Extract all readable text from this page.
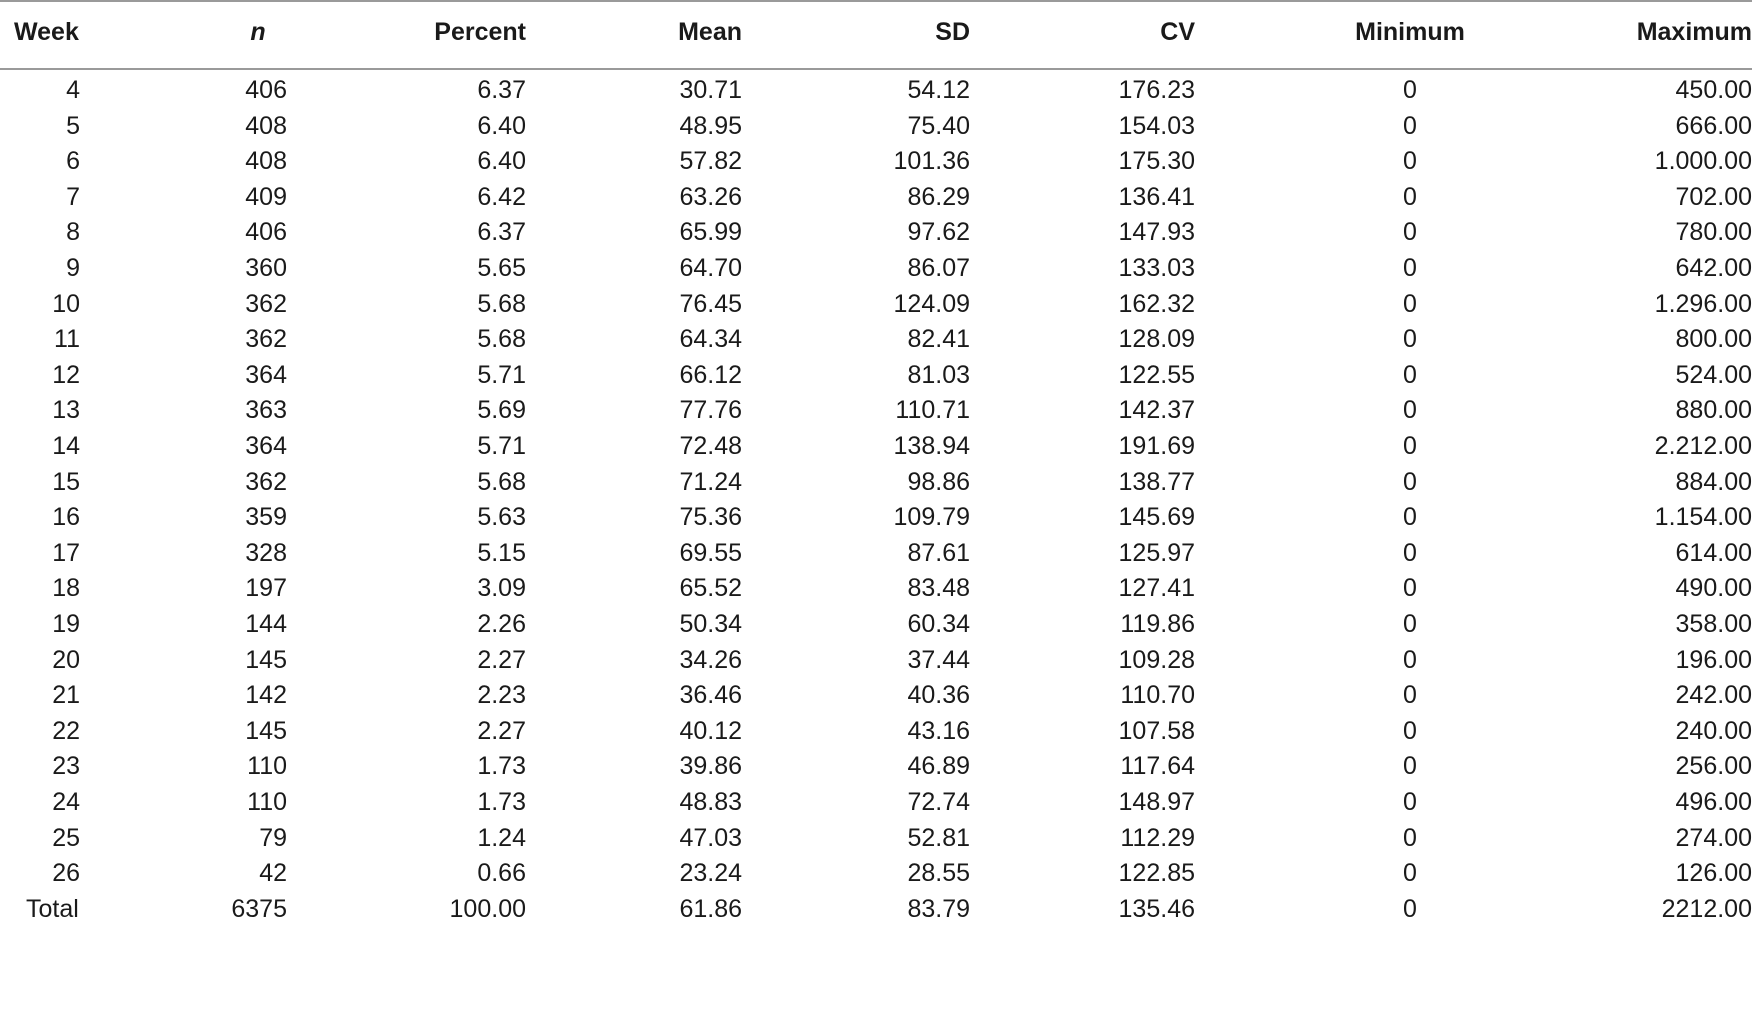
Week	n	Percent	Mean	SD	CV	Minimum	Maximum
4	406	6.37	30.71	54.12	176.23	0	450.00
5	408	6.40	48.95	75.40	154.03	0	666.00
6	408	6.40	57.82	101.36	175.30	0	1.000.00
7	409	6.42	63.26	86.29	136.41	0	702.00
8	406	6.37	65.99	97.62	147.93	0	780.00
9	360	5.65	64.70	86.07	133.03	0	642.00
10	362	5.68	76.45	124.09	162.32	0	1.296.00
11	362	5.68	64.34	82.41	128.09	0	800.00
12	364	5.71	66.12	81.03	122.55	0	524.00
13	363	5.69	77.76	110.71	142.37	0	880.00
14	364	5.71	72.48	138.94	191.69	0	2.212.00
15	362	5.68	71.24	98.86	138.77	0	884.00
16	359	5.63	75.36	109.79	145.69	0	1.154.00
17	328	5.15	69.55	87.61	125.97	0	614.00
18	197	3.09	65.52	83.48	127.41	0	490.00
19	144	2.26	50.34	60.34	119.86	0	358.00
20	145	2.27	34.26	37.44	109.28	0	196.00
21	142	2.23	36.46	40.36	110.70	0	242.00
22	145	2.27	40.12	43.16	107.58	0	240.00
23	110	1.73	39.86	46.89	117.64	0	256.00
24	110	1.73	48.83	72.74	148.97	0	496.00
25	79	1.24	47.03	52.81	112.29	0	274.00
26	42	0.66	23.24	28.55	122.85	0	126.00
Total	6375	100.00	61.86	83.79	135.46	0	2212.00
